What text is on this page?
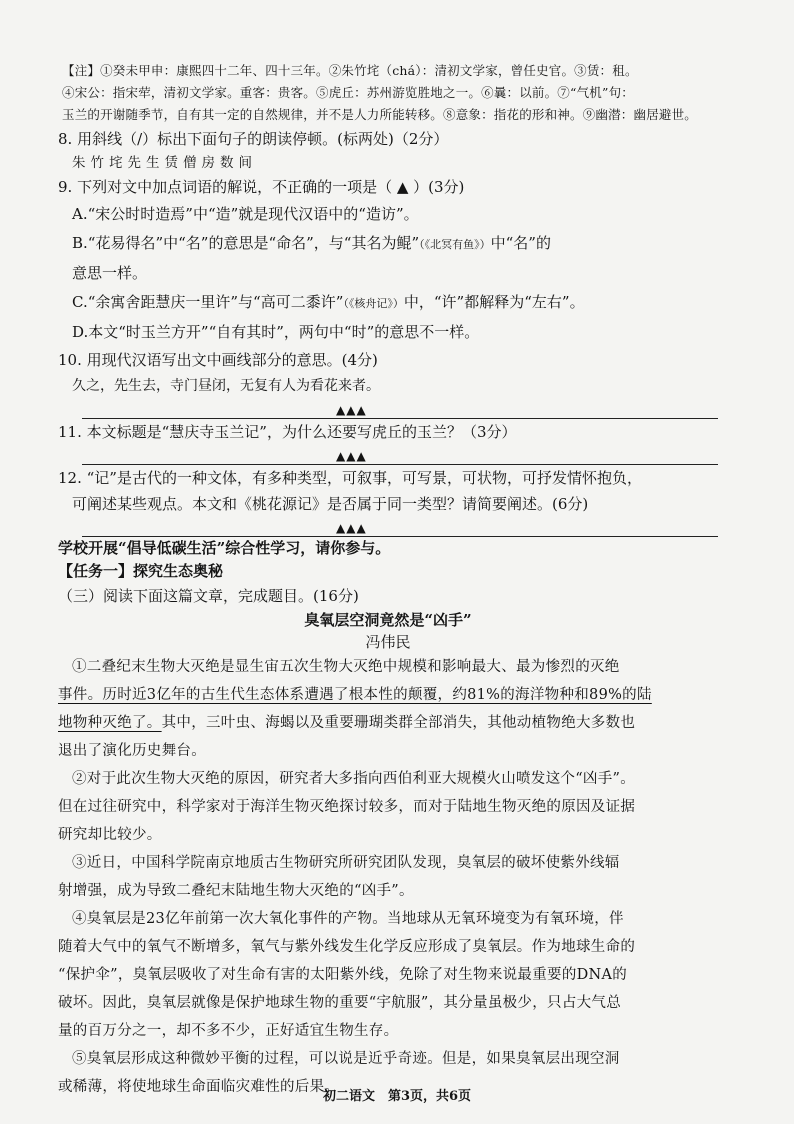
【注】①癸未甲申：康熙四十二年、四十三年。②朱竹垞（chá）：清初文学家，曾任史官。③赁：租。
④宋公：指宋荦，清初文学家。重客：贵客。⑤虎丘：苏州游览胜地之一。⑥曩：以前。⑦“气机”句：
玉兰的开谢随季节，自有其一定的自然规律，并不是人力所能转移。⑧意象：指花的形和神。⑨幽潜：幽居避世。

8. 用斜线（/）标出下面句子的朗读停顿。(标两处)（2分）

朱竹垞先生赁僧房数间

9. 下列对文中加点词语的解说，不正确的一项是（ ▲ ）(3分)

A.“宋公时时造焉”中“造”就是现代汉语中的“造访”。
B.“花易得名”中“名”的意思是“命名”，与“其名为鲲”（《北冥有鱼》）中“名”的
意思一样。
C.“余寓舍距慧庆一里许”与“高可二黍许”（《核舟记》）中，“许”都解释为“左右”。
D.本文“时玉兰方开”“自有其时”，两句中“时”的意思不一样。

10. 用现代汉语写出文中画线部分的意思。(4分)

久之，先生去，寺门昼闭，无复有人为看花来者。
▲▲▲

11. 本文标题是“慧庆寺玉兰记”，为什么还要写虎丘的玉兰？（3分）

▲▲▲

12. “记”是古代的一种文体，有多种类型，可叙事，可写景，可状物，可抒发情怀抱负，

可阐述某些观点。本文和《桃花源记》是否属于同一类型？请简要阐述。(6分)

▲▲▲
学校开展“倡导低碳生活”综合性学习，请你参与。
【任务一】探究生态奥秘
（三）阅读下面这篇文章，完成题目。(16分)
臭氧层空洞竟然是“凶手”
冯伟民
①二叠纪末生物大灭绝是显生宙五次生物大灭绝中规模和影响最大、最为惨烈的灭绝
事件。历时近3亿年的古生代生态体系遭遇了根本性的颠覆，约81%的海洋物种和89%的陆
地物种灭绝了。其中，三叶虫、海蝎以及重要珊瑚类群全部消失，其他动植物绝大多数也
退出了演化历史舞台。
②对于此次生物大灭绝的原因，研究者大多指向西伯利亚大规模火山喷发这个“凶手”。
但在过往研究中，科学家对于海洋生物灭绝探讨较多，而对于陆地生物灭绝的原因及证据
研究却比较少。
③近日，中国科学院南京地质古生物研究所研究团队发现，臭氧层的破坏使紫外线辐
射增强，成为导致二叠纪末陆地生物大灭绝的“凶手”。
④臭氧层是23亿年前第一次大氧化事件的产物。当地球从无氧环境变为有氧环境，伴
随着大气中的氧气不断增多，氧气与紫外线发生化学反应形成了臭氧层。作为地球生命的
“保护伞”，臭氧层吸收了对生命有害的太阳紫外线，免除了对生物来说最重要的DNA的
破坏。因此，臭氧层就像是保护地球生物的重要“宇航服”，其分量虽极少，只占大气总
量的百万分之一，却不多不少，正好适宜生物生存。
⑤臭氧层形成这种微妙平衡的过程，可以说是近乎奇迹。但是，如果臭氧层出现空洞
或稀薄，将使地球生命面临灾难性的后果。
初二语文　第3页，共6页
